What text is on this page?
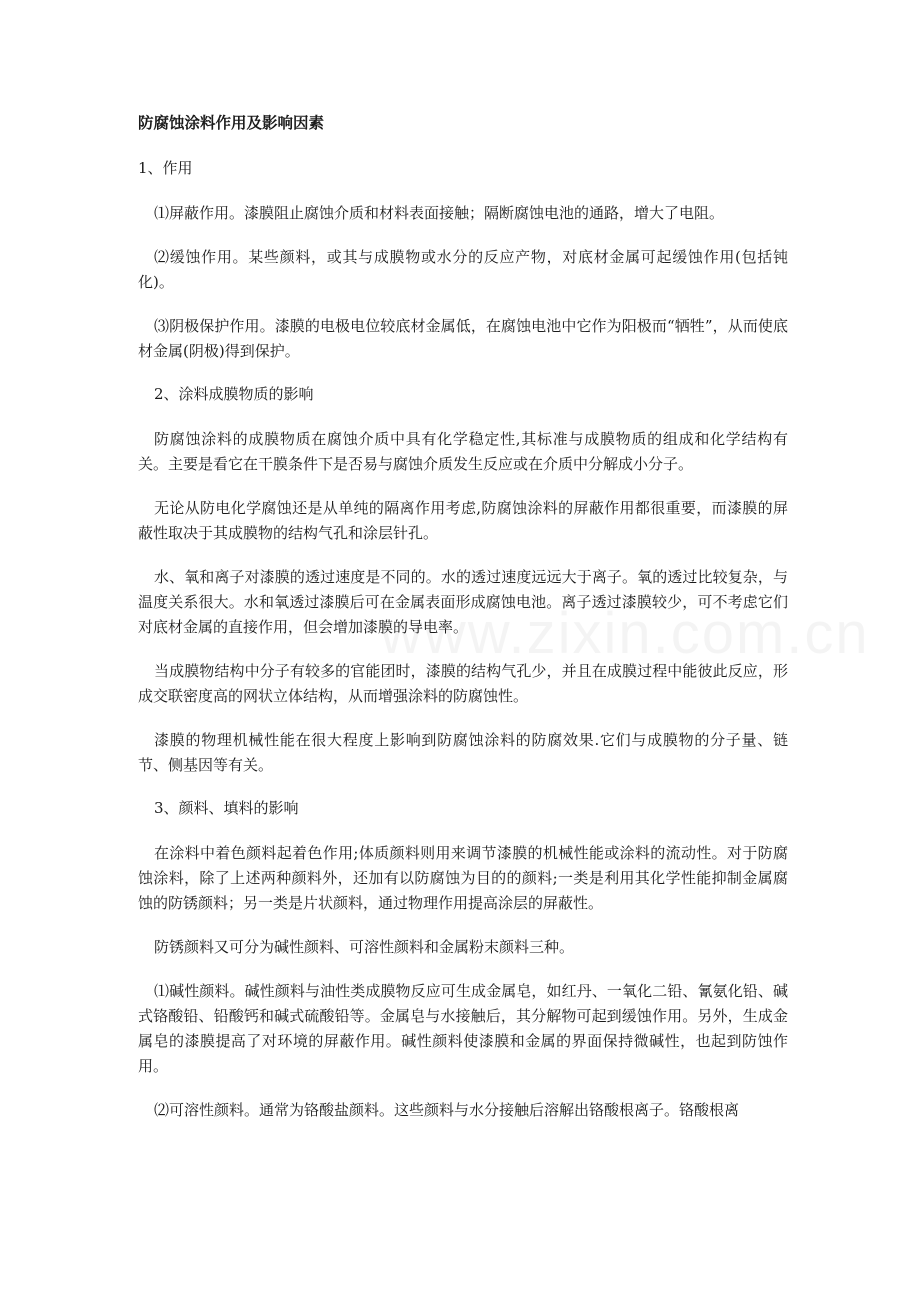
防腐蚀涂料作用及影响因素
1、作用

⑴屏蔽作用。漆膜阻止腐蚀介质和材料表面接触；隔断腐蚀电池的通路，增大了电阻。

⑵缓蚀作用。某些颜料，或其与成膜物或水分的反应产物，对底材金属可起缓蚀作用(包括钝化)。

⑶阴极保护作用。漆膜的电极电位较底材金属低，在腐蚀电池中它作为阳极而“牺牲”，从而使底材金属(阴极)得到保护。

2、涂料成膜物质的影响

防腐蚀涂料的成膜物质在腐蚀介质中具有化学稳定性,其标准与成膜物质的组成和化学结构有关。主要是看它在干膜条件下是否易与腐蚀介质发生反应或在介质中分解成小分子。

无论从防电化学腐蚀还是从单纯的隔离作用考虑,防腐蚀涂料的屏蔽作用都很重要，而漆膜的屏蔽性取决于其成膜物的结构气孔和涂层针孔。

水、氧和离子对漆膜的透过速度是不同的。水的透过速度远远大于离子。氧的透过比较复杂，与温度关系很大。水和氧透过漆膜后可在金属表面形成腐蚀电池。离子透过漆膜较少，可不考虑它们对底材金属的直接作用，但会增加漆膜的导电率。

当成膜物结构中分子有较多的官能团时，漆膜的结构气孔少，并且在成膜过程中能彼此反应，形成交联密度高的网状立体结构，从而增强涂料的防腐蚀性。

漆膜的物理机械性能在很大程度上影响到防腐蚀涂料的防腐效果.它们与成膜物的分子量、链节、侧基因等有关。

3、颜料、填料的影响

在涂料中着色颜料起着色作用;体质颜料则用来调节漆膜的机械性能或涂料的流动性。对于防腐蚀涂料，除了上述两种颜料外，还加有以防腐蚀为目的的颜料;一类是利用其化学性能抑制金属腐蚀的防锈颜料；另一类是片状颜料，通过物理作用提高涂层的屏蔽性。

防锈颜料又可分为碱性颜料、可溶性颜料和金属粉末颜料三种。

⑴碱性颜料。碱性颜料与油性类成膜物反应可生成金属皂，如红丹、一氧化二铅、氰氨化铅、碱式铬酸铅、铅酸钙和碱式硫酸铅等。金属皂与水接触后，其分解物可起到缓蚀作用。另外，生成金属皂的漆膜提高了对环境的屏蔽作用。碱性颜料使漆膜和金属的界面保持微碱性，也起到防蚀作用。

⑵可溶性颜料。通常为铬酸盐颜料。这些颜料与水分接触后溶解出铬酸根离子。铬酸根离
